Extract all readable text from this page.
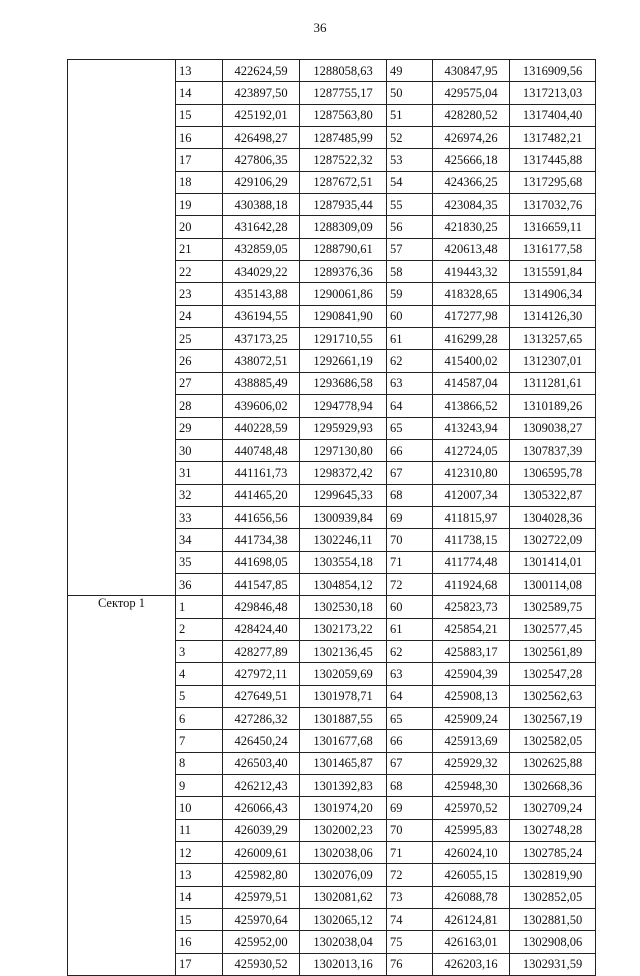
36
	13	422624,59	1288058,63	49	430847,95	1316909,56
	14	423897,50	1287755,17	50	429575,04	1317213,03
	15	425192,01	1287563,80	51	428280,52	1317404,40
	16	426498,27	1287485,99	52	426974,26	1317482,21
	17	427806,35	1287522,32	53	425666,18	1317445,88
	18	429106,29	1287672,51	54	424366,25	1317295,68
	19	430388,18	1287935,44	55	423084,35	1317032,76
	20	431642,28	1288309,09	56	421830,25	1316659,11
	21	432859,05	1288790,61	57	420613,48	1316177,58
	22	434029,22	1289376,36	58	419443,32	1315591,84
	23	435143,88	1290061,86	59	418328,65	1314906,34
	24	436194,55	1290841,90	60	417277,98	1314126,30
	25	437173,25	1291710,55	61	416299,28	1313257,65
	26	438072,51	1292661,19	62	415400,02	1312307,01
	27	438885,49	1293686,58	63	414587,04	1311281,61
	28	439606,02	1294778,94	64	413866,52	1310189,26
	29	440228,59	1295929,93	65	413243,94	1309038,27
	30	440748,48	1297130,80	66	412724,05	1307837,39
	31	441161,73	1298372,42	67	412310,80	1306595,78
	32	441465,20	1299645,33	68	412007,34	1305322,87
	33	441656,56	1300939,84	69	411815,97	1304028,36
	34	441734,38	1302246,11	70	411738,15	1302722,09
	35	441698,05	1303554,18	71	411774,48	1301414,01
	36	441547,85	1304854,12	72	411924,68	1300114,08
Сектор 1	1	429846,48	1302530,18	60	425823,73	1302589,75
	2	428424,40	1302173,22	61	425854,21	1302577,45
	3	428277,89	1302136,45	62	425883,17	1302561,89
	4	427972,11	1302059,69	63	425904,39	1302547,28
	5	427649,51	1301978,71	64	425908,13	1302562,63
	6	427286,32	1301887,55	65	425909,24	1302567,19
	7	426450,24	1301677,68	66	425913,69	1302582,05
	8	426503,40	1301465,87	67	425929,32	1302625,88
	9	426212,43	1301392,83	68	425948,30	1302668,36
	10	426066,43	1301974,20	69	425970,52	1302709,24
	11	426039,29	1302002,23	70	425995,83	1302748,28
	12	426009,61	1302038,06	71	426024,10	1302785,24
	13	425982,80	1302076,09	72	426055,15	1302819,90
	14	425979,51	1302081,62	73	426088,78	1302852,05
	15	425970,64	1302065,12	74	426124,81	1302881,50
	16	425952,00	1302038,04	75	426163,01	1302908,06
	17	425930,52	1302013,16	76	426203,16	1302931,59
